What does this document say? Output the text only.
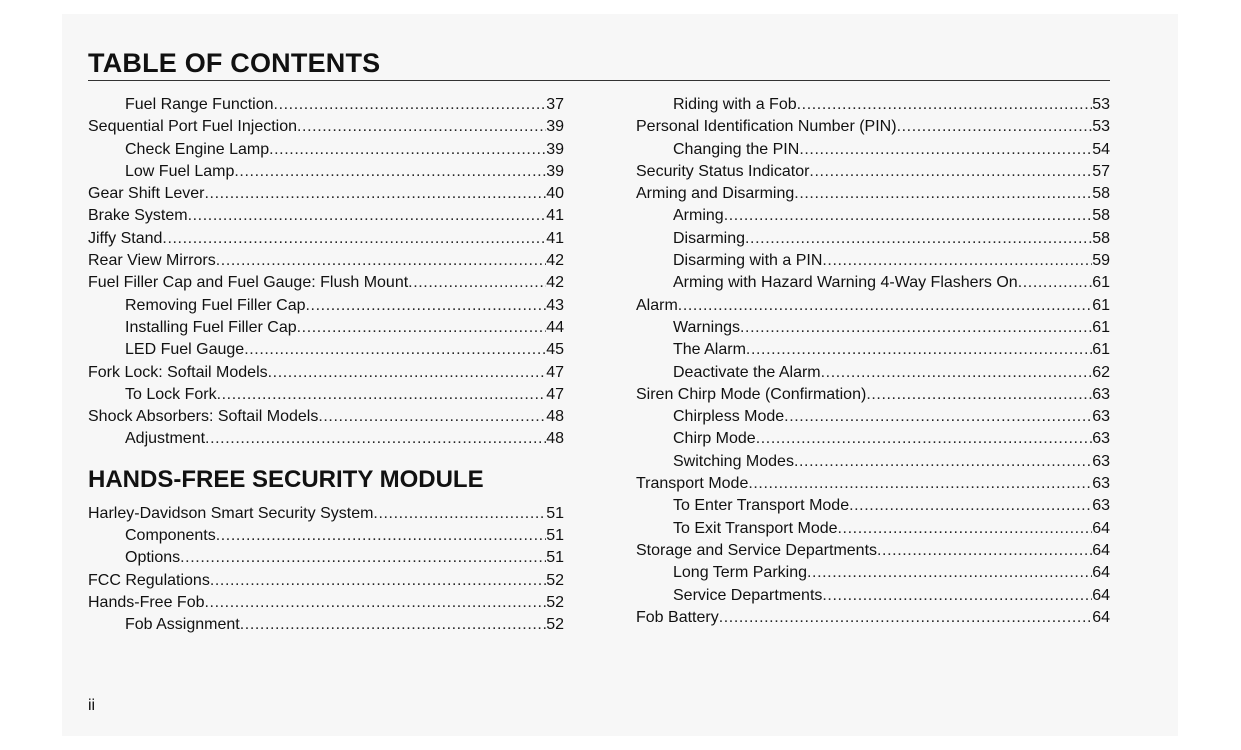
TABLE OF CONTENTS
Fuel Range Function .....	37
Sequential Port Fuel Injection .....	39
Check Engine Lamp .....	39
Low Fuel Lamp .....	39
Gear Shift Lever .....	40
Brake System .....	41
Jiffy Stand .....	41
Rear View Mirrors .....	42
Fuel Filler Cap and Fuel Gauge: Flush Mount .....	42
Removing Fuel Filler Cap .....	43
Installing Fuel Filler Cap .....	44
LED Fuel Gauge .....	45
Fork Lock: Softail Models .....	47
To Lock Fork .....	47
Shock Absorbers: Softail Models .....	48
Adjustment .....	48
HANDS-FREE SECURITY MODULE
Harley-Davidson Smart Security System .....	51
Components .....	51
Options .....	51
FCC Regulations .....	52
Hands-Free Fob .....	52
Fob Assignment .....	52
Riding with a Fob .....	53
Personal Identification Number (PIN) .....	53
Changing the PIN .....	54
Security Status Indicator .....	57
Arming and Disarming .....	58
Arming .....	58
Disarming .....	58
Disarming with a PIN .....	59
Arming with Hazard Warning 4-Way Flashers On .....	61
Alarm .....	61
Warnings .....	61
The Alarm .....	61
Deactivate the Alarm .....	62
Siren Chirp Mode (Confirmation) .....	63
Chirpless Mode .....	63
Chirp Mode .....	63
Switching Modes .....	63
Transport Mode .....	63
To Enter Transport Mode .....	63
To Exit Transport Mode .....	64
Storage and Service Departments .....	64
Long Term Parking .....	64
Service Departments .....	64
Fob Battery .....	64
ii
